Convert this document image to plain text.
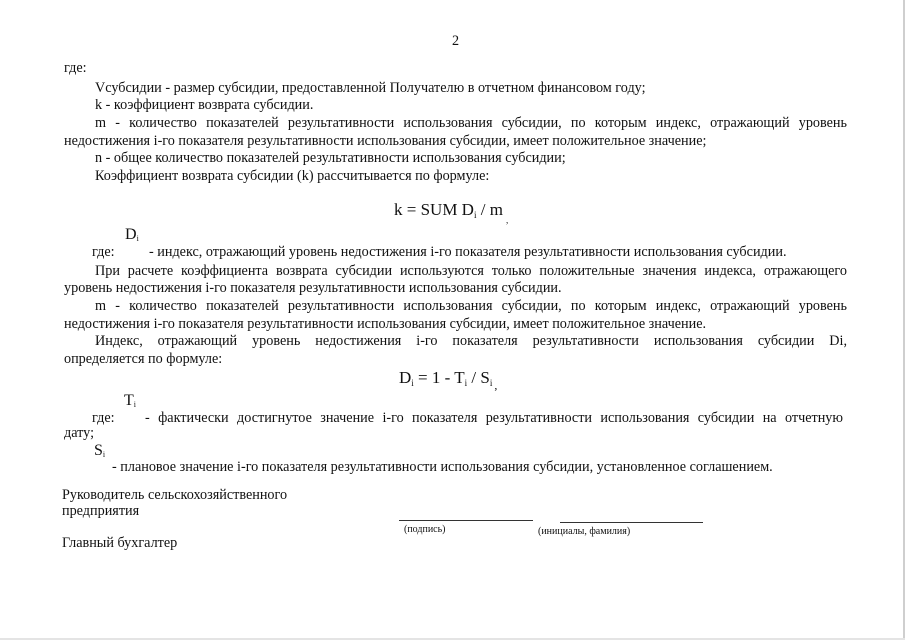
2
где:
Vсубсидии - размер субсидии, предоставленной Получателю в отчетном финансовом году;
k - коэффициент возврата субсидии.
m - количество показателей результативности использования субсидии, по которым индекс, отражающий уровень
недостижения i-го показателя результативности использования субсидии, имеет положительное значение;
n - общее количество показателей результативности использования субсидии;
Коэффициент возврата субсидии (k) рассчитывается по формуле:
k = SUM $D_i / m_,$
где:
$D_i$
- индекс, отражающий уровень недостижения i-го показателя результативности использования субсидии.
При расчете коэффициента возврата субсидии используются только положительные значения индекса, отражающего
уровень недостижения i-го показателя результативности использования субсидии.
m - количество показателей результативности использования субсидии, по которым индекс, отражающий уровень
недостижения i-го показателя результативности использования субсидии, имеет положительное значение.
Индекс, отражающий уровень недостижения i-го показателя результативности использования субсидии Di,
определяется по формуле:
$D_i = 1 - T_i / S_i$ $_,$
где:
$T_i$
- фактически достигнутое значение i-го показателя результативности использования субсидии на отчетную
дату;
$S_i$
- плановое значение i-го показателя результативности использования субсидии, установленное соглашением.
Руководитель сельскохозяйственного
предприятия
(подпись)	(инициалы, фамилия)
Главный бухгалтер
